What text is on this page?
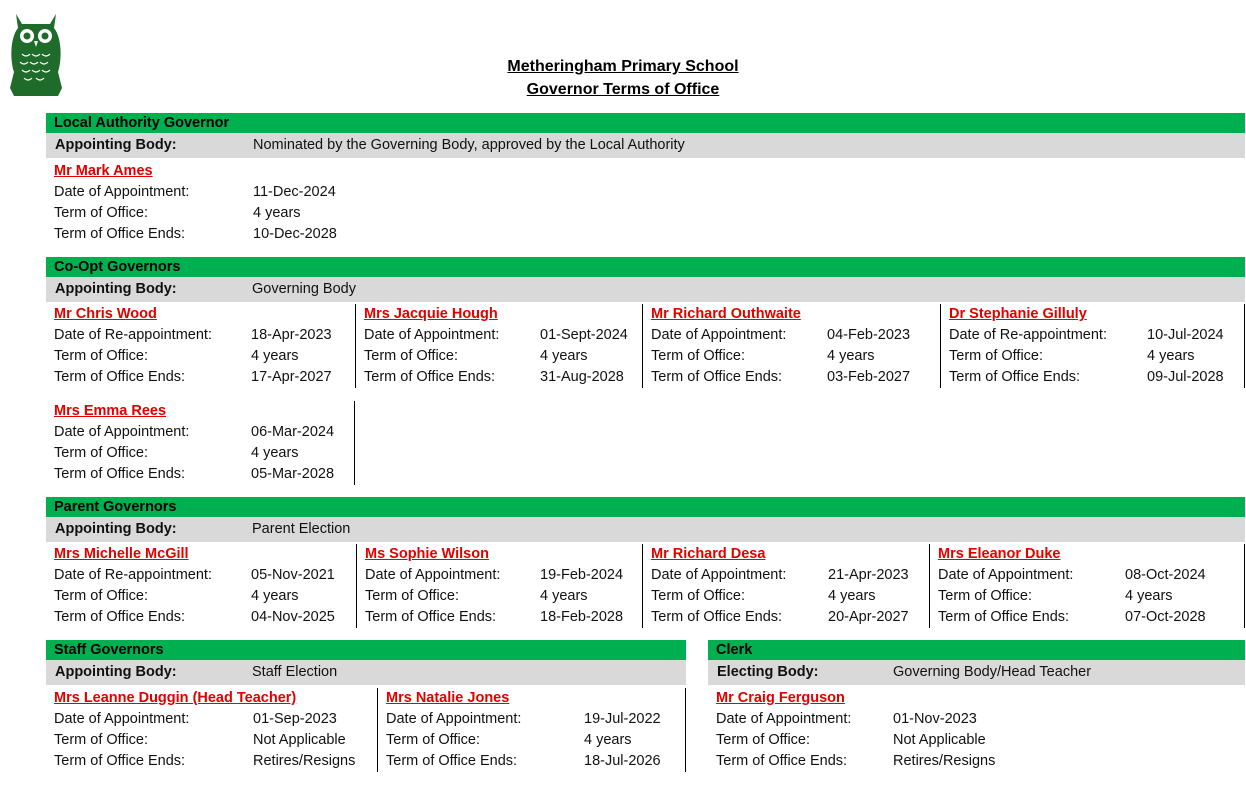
Metheringham Primary School
Governor Terms of Office
Local Authority Governor
Appointing Body:	Nominated by the Governing Body, approved by the Local Authority
Mr Mark Ames
Date of Appointment:	11-Dec-2024
Term of Office:	4 years
Term of Office Ends:	10-Dec-2028
Co-Opt Governors
Appointing Body:	Governing Body
Mr Chris Wood
Date of Re-appointment:	18-Apr-2023
Term of Office:	4 years
Term of Office Ends:	17-Apr-2027
Mrs Jacquie Hough
Date of Appointment:	01-Sept-2024
Term of Office:	4 years
Term of Office Ends:	31-Aug-2028
Mr Richard Outhwaite
Date of Appointment:	04-Feb-2023
Term of Office:	4 years
Term of Office Ends:	03-Feb-2027
Dr Stephanie Gilluly
Date of Re-appointment:	10-Jul-2024
Term of Office:	4 years
Term of Office Ends:	09-Jul-2028
Mrs Emma Rees
Date of Appointment:	06-Mar-2024
Term of Office:	4 years
Term of Office Ends:	05-Mar-2028
Parent Governors
Appointing Body:	Parent Election
Mrs Michelle McGill
Date of Re-appointment:	05-Nov-2021
Term of Office:	4 years
Term of Office Ends:	04-Nov-2025
Ms Sophie Wilson
Date of Appointment:	19-Feb-2024
Term of Office:	4 years
Term of Office Ends:	18-Feb-2028
Mr Richard Desa
Date of Appointment:	21-Apr-2023
Term of Office:	4 years
Term of Office Ends:	20-Apr-2027
Mrs Eleanor Duke
Date of Appointment:	08-Oct-2024
Term of Office:	4 years
Term of Office Ends:	07-Oct-2028
Staff Governors
Appointing Body:	Staff Election
Mrs Leanne Duggin (Head Teacher)
Date of Appointment:	01-Sep-2023
Term of Office:	Not Applicable
Term of Office Ends:	Retires/Resigns
Mrs Natalie Jones
Date of Appointment:	19-Jul-2022
Term of Office:	4 years
Term of Office Ends:	18-Jul-2026
Clerk
Electing Body:	Governing Body/Head Teacher
Mr Craig Ferguson
Date of Appointment:	01-Nov-2023
Term of Office:	Not Applicable
Term of Office Ends:	Retires/Resigns
